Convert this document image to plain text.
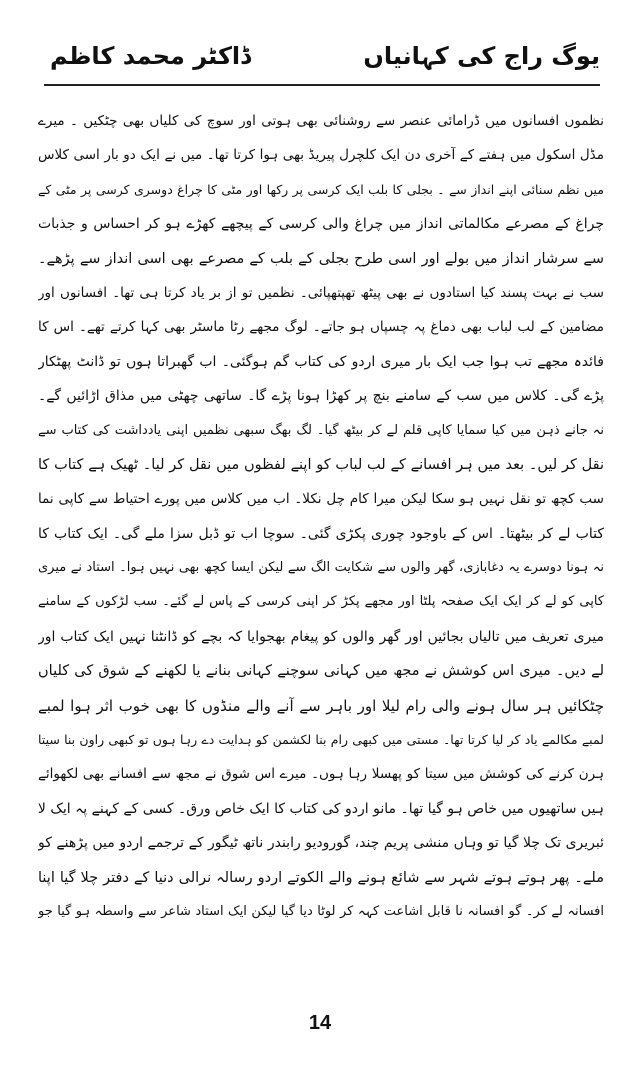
یوگ راج کی کہانیاں
ڈاکٹر محمد کاظم
نظموں افسانوں میں ڈرامائی عنصر سے روشنائی بھی ہوتی اور سوچ کی کلیاں بھی چٹکیں ۔ میرے
مڈل اسکول میں ہفتے کے آخری دن ایک کلچرل پیریڈ بھی ہوا کرتا تھا۔ میں نے ایک دو بار اسی کلاس
میں نظم سنائی اپنے انداز سے ۔ بجلی کا بلب ایک کرسی پر رکھا اور مٹی کا چراغ دوسری کرسی پر مٹی کے
چراغ کے مصرعے مکالماتی انداز میں چراغ والی کرسی کے پیچھے کھڑے ہو کر احساس و جذبات
سے سرشار انداز میں بولے اور اسی طرح بجلی کے بلب کے مصرعے بھی اسی انداز سے پڑھے۔
سب نے بہت پسند کیا استادوں نے بھی پیٹھ تھپتھپائی۔ نظمیں تو از بر یاد کرتا ہی تھا۔ افسانوں اور
مضامین کے لب لباب بھی دماغ پہ چسپاں ہو جاتے۔ لوگ مجھے رٹا ماسٹر بھی کہا کرتے تھے۔ اس کا
فائدہ مجھے تب ہوا جب ایک بار میری اردو کی کتاب گم ہوگئی۔ اب گھبراتا ہوں تو ڈانٹ پھٹکار
پڑے گی۔ کلاس میں سب کے سامنے بنچ پر کھڑا ہونا پڑے گا۔ ساتھی چھٹی میں مذاق اڑائیں گے۔
نہ جانے ذہن میں کیا سمایا کاپی قلم لے کر بیٹھ گیا۔ لگ بھگ سبھی نظمیں اپنی یادداشت کی کتاب سے
نقل کر لیں۔ بعد میں ہر افسانے کے لب لباب کو اپنے لفظوں میں نقل کر لیا۔ ٹھیک ہے کتاب کا
سب کچھ تو نقل نہیں ہو سکا لیکن میرا کام چل نکلا۔ اب میں کلاس میں پورے احتیاط سے کاپی نما
کتاب لے کر بیٹھتا۔ اس کے باوجود چوری پکڑی گئی۔ سوچا اب تو ڈبل سزا ملے گی۔ ایک کتاب کا
نہ ہونا دوسرے یہ دغابازی، گھر والوں سے شکایت الگ سے لیکن ایسا کچھ بھی نہیں ہوا۔ استاد نے میری
کاپی کو لے کر ایک ایک صفحہ پلٹا اور مجھے پکڑ کر اپنی کرسی کے پاس لے گئے۔ سب لڑکوں کے سامنے
میری تعریف میں تالیاں بجائیں اور گھر والوں کو پیغام بھجوایا کہ بچے کو ڈانٹنا نہیں ایک کتاب اور
لے دیں۔ میری اس کوشش نے مجھ میں کہانی سوچنے کہانی بنانے یا لکھنے کے شوق کی کلیاں
چٹکائیں ہر سال ہونے والی رام لیلا اور باہر سے آنے والے منڈوں کا بھی خوب اثر ہوا لمبے
لمبے مکالمے یاد کر لیا کرتا تھا۔ مستی میں کبھی رام بنا لکشمن کو ہدایت دے رہا ہوں تو کبھی راون بنا سیتا
ہرن کرنے کی کوشش میں سیتا کو پھسلا رہا ہوں۔ میرے اس شوق نے مجھ سے افسانے بھی لکھوائے
ہیں ساتھیوں میں خاص ہو گیا تھا۔ مانو اردو کی کتاب کا ایک خاص ورق۔ کسی کے کہنے پہ ایک لا
ئبریری تک چلا گیا تو وہاں منشی پریم چند، گورودیو رابندر ناتھ ٹیگور کے ترجمے اردو میں پڑھنے کو
ملے۔ پھر ہوتے ہوتے شہر سے شائع ہونے والے الکوتے اردو رسالہ نرالی دنیا کے دفتر چلا گیا اپنا
افسانہ لے کر۔ گو افسانہ نا قابل اشاعت کہہ کر لوٹا دیا گیا لیکن ایک استاد شاعر سے واسطہ ہو گیا جو
14
